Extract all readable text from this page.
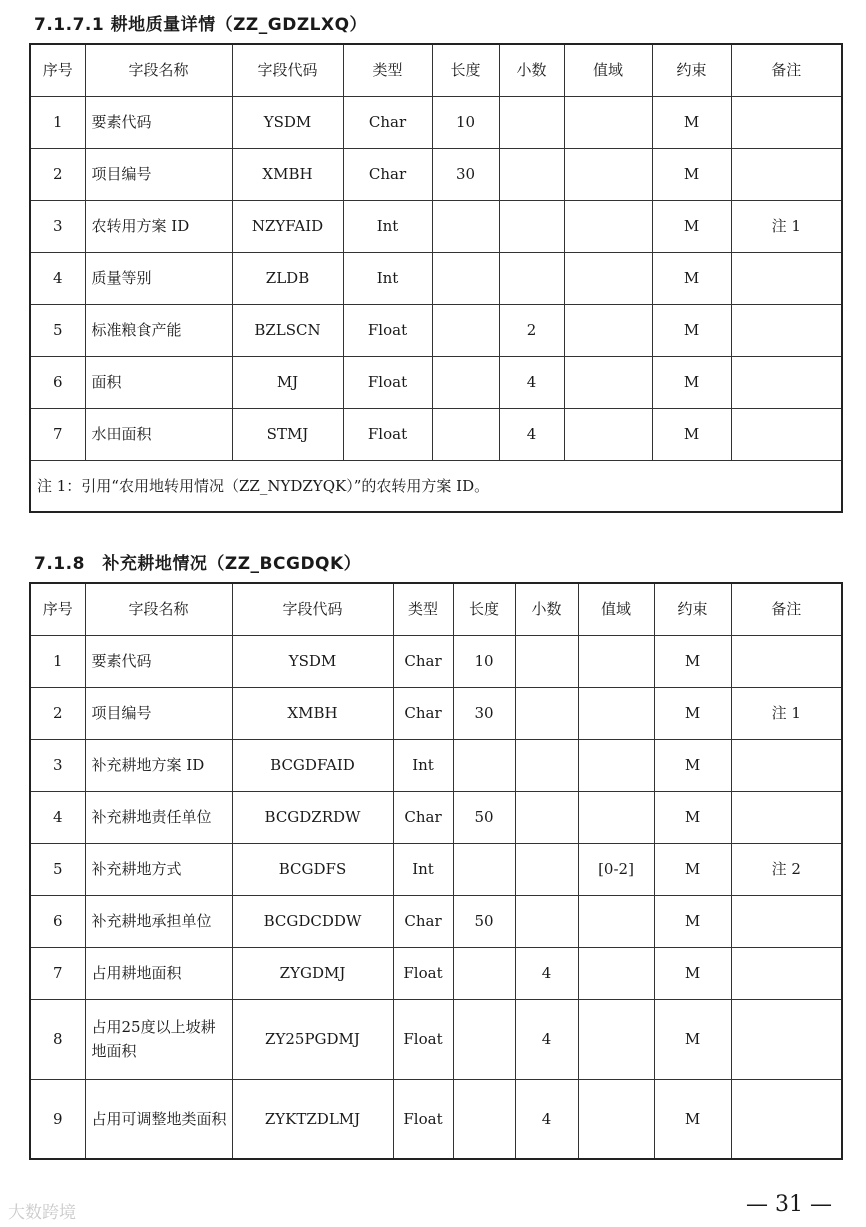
7.1.7.1 耕地质量详情（ZZ_GDZLXQ）
序号	字段名称	字段代码	类型	长度	小数	值域	约束	备注
1	要素代码	YSDM	Char	10			M	
2	项目编号	XMBH	Char	30			M	
3	农转用方案 ID	NZYFAID	Int				M	注 1
4	质量等别	ZLDB	Int				M	
5	标准粮食产能	BZLSCN	Float		2		M	
6	面积	MJ	Float		4		M	
7	水田面积	STMJ	Float		4		M	
注 1：引用“农用地转用情况（ZZ_NYDZYQK）”的农转用方案 ID。								
7.1.8　补充耕地情况（ZZ_BCGDQK）
序号	字段名称	字段代码	类型	长度	小数	值域	约束	备注
1	要素代码	YSDM	Char	10			M	
2	项目编号	XMBH	Char	30			M	注 1
3	补充耕地方案 ID	BCGDFAID	Int				M	
4	补充耕地责任单位	BCGDZRDW	Char	50			M	
5	补充耕地方式	BCGDFS	Int			[0-2]	M	注 2
6	补充耕地承担单位	BCGDCDDW	Char	50			M	
7	占用耕地面积	ZYGDMJ	Float		4		M	
8	占用25度以上坡耕地面积	ZY25PGDMJ	Float		4		M	
9	占用可调整地类面积	ZYKTZDLMJ	Float		4		M	
大数跨境	— 31 —
